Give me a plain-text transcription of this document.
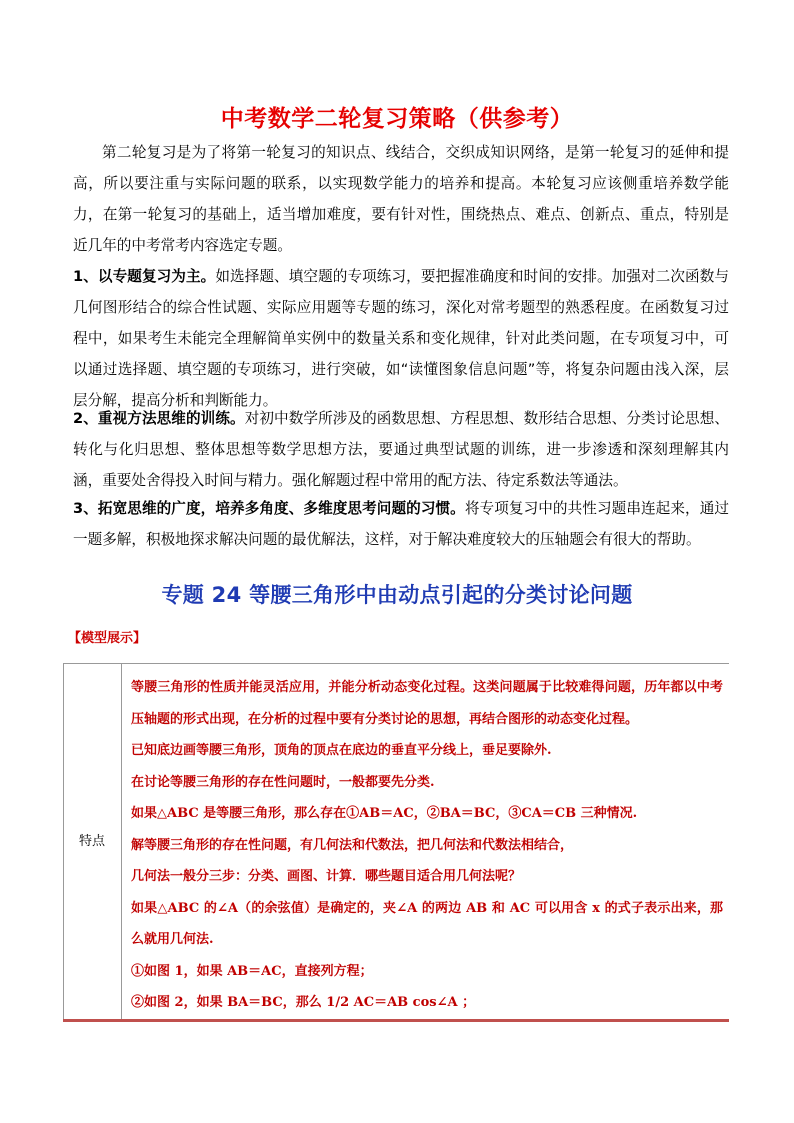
中考数学二轮复习策略（供参考）
第二轮复习是为了将第一轮复习的知识点、线结合，交织成知识网络，是第一轮复习的延伸和提高，所以要注重与实际问题的联系，以实现数学能力的培养和提高。本轮复习应该侧重培养数学能力，在第一轮复习的基础上，适当增加难度，要有针对性，围绕热点、难点、创新点、重点，特别是近几年的中考常考内容选定专题。
1、以专题复习为主。如选择题、填空题的专项练习，要把握准确度和时间的安排。加强对二次函数与几何图形结合的综合性试题、实际应用题等专题的练习，深化对常考题型的熟悉程度。在函数复习过程中，如果考生未能完全理解简单实例中的数量关系和变化规律，针对此类问题，在专项复习中，可以通过选择题、填空题的专项练习，进行突破，如“读懂图象信息问题”等，将复杂问题由浅入深，层层分解，提高分析和判断能力。
2、重视方法思维的训练。对初中数学所涉及的函数思想、方程思想、数形结合思想、分类讨论思想、转化与化归思想、整体思想等数学思想方法，要通过典型试题的训练，进一步渗透和深刻理解其内涵，重要处舍得投入时间与精力。强化解题过程中常用的配方法、待定系数法等通法。
3、拓宽思维的广度，培养多角度、多维度思考问题的习惯。将专项复习中的共性习题串连起来，通过一题多解，积极地探求解决问题的最优解法，这样，对于解决难度较大的压轴题会有很大的帮助。
专题 24 等腰三角形中由动点引起的分类讨论问题
【模型展示】
特点

等腰三角形的性质并能灵活应用，并能分析动态变化过程。这类问题属于比较难得问题，历年都以中考压轴题的形式出现，在分析的过程中要有分类讨论的思想，再结合图形的动态变化过程。

已知底边画等腰三角形，顶角的顶点在底边的垂直平分线上，垂足要除外.

在讨论等腰三角形的存在性问题时，一般都要先分类.

如果△ABC 是等腰三角形，那么存在①AB＝AC，②BA＝BC，③CA＝CB 三种情况.

解等腰三角形的存在性问题，有几何法和代数法，把几何法和代数法相结合，

几何法一般分三步：分类、画图、计算．哪些题目适合用几何法呢？

如果△ABC 的∠A（的余弦值）是确定的，夹∠A 的两边 AB 和 AC 可以用含 x 的式子表示出来，那么就用几何法.

①如图 1，如果 AB＝AC，直接列方程；

②如图 2，如果 BA＝BC，那么 1/2 AC＝AB cos∠A ；
